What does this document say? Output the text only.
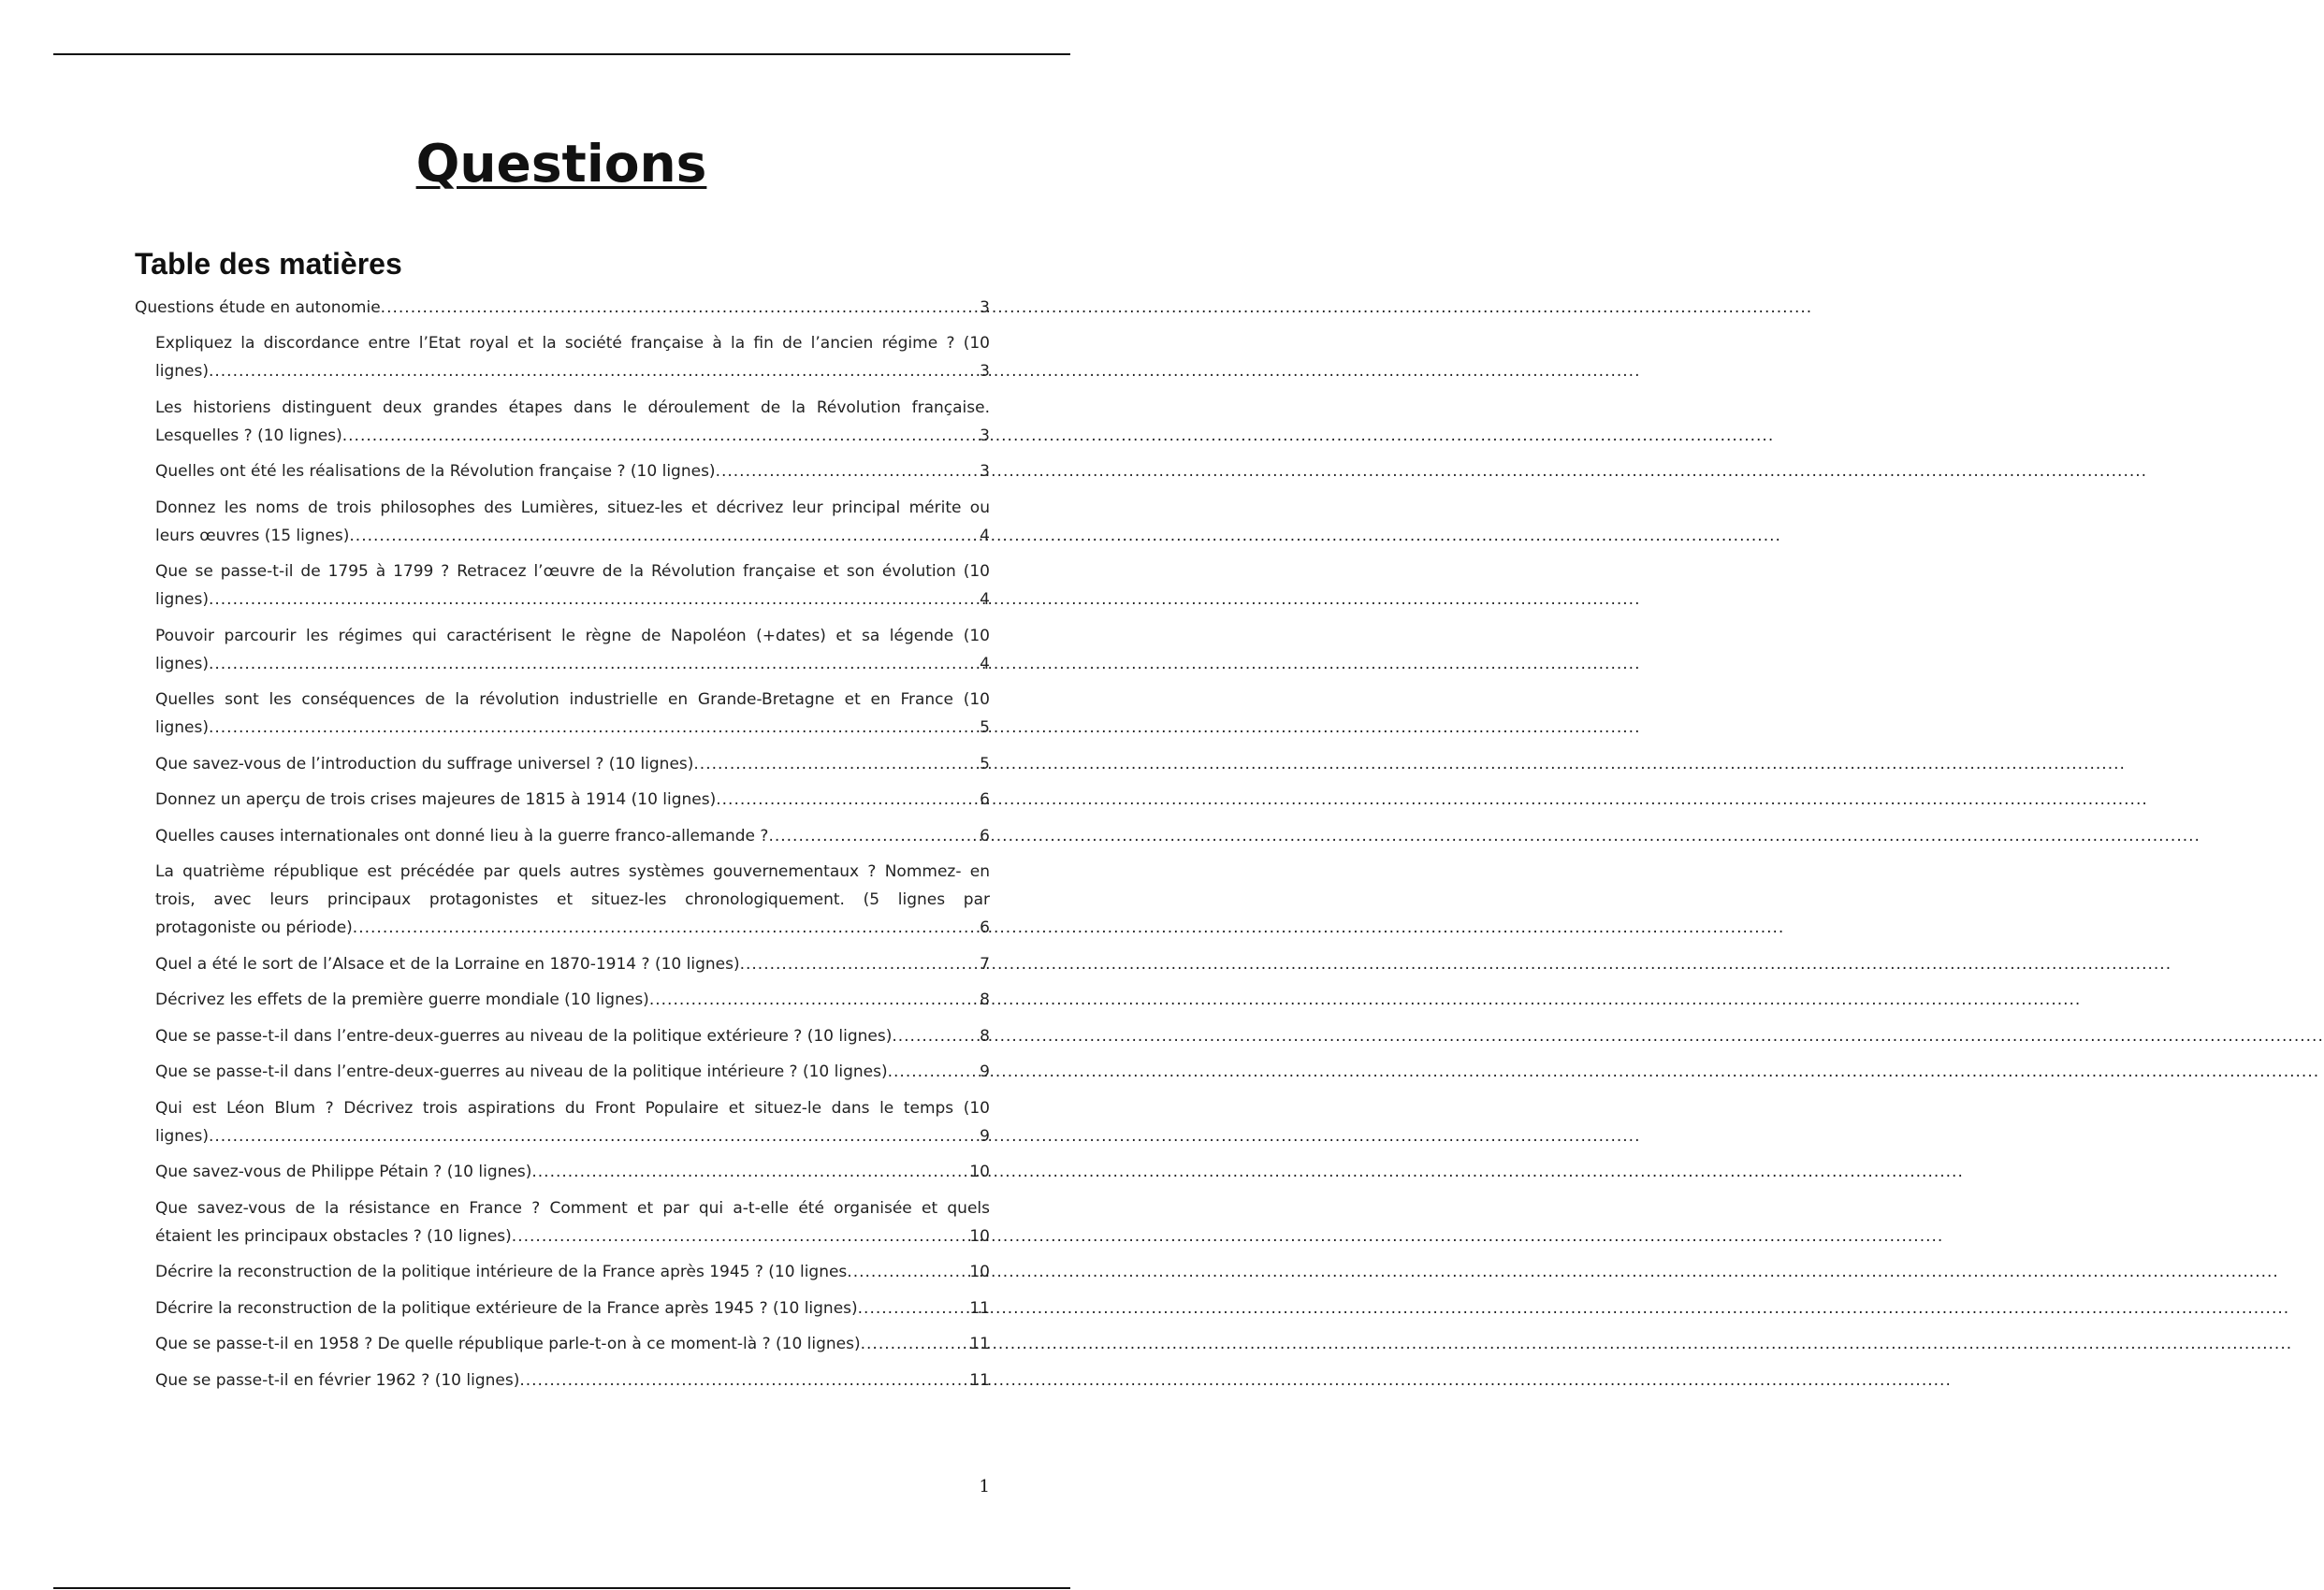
Questions
Table des matières
Questions étude en autonomie .....	3
Expliquez la discordance entre l’Etat royal et la société française à la fin de l’ancien régime ? (10
lignes) .....	3
Les historiens distinguent deux grandes étapes dans le déroulement de la Révolution française.
Lesquelles ? (10 lignes) .....	3
Quelles ont été les réalisations de la Révolution française ? (10 lignes) .....	3
Donnez les noms de trois philosophes des Lumières, situez-les et décrivez leur principal mérite ou
leurs œuvres (15 lignes) .....	4
Que se passe-t-il de 1795 à 1799 ? Retracez l’œuvre de la Révolution française et son évolution (10
lignes) .....	4
Pouvoir parcourir les régimes qui caractérisent le règne de Napoléon (+dates) et sa légende (10
lignes) .....	4
Quelles sont les conséquences de la révolution industrielle en Grande-Bretagne et en France (10
lignes) .....	5
Que savez-vous de l’introduction du suffrage universel ? (10 lignes) .....	5
Donnez un aperçu de trois crises majeures de 1815 à 1914 (10 lignes) .....	6
Quelles causes internationales ont donné lieu à la guerre franco-allemande ? .....	6
La quatrième république est précédée par quels autres systèmes gouvernementaux ? Nommez- en
trois, avec leurs principaux protagonistes et situez-les chronologiquement. (5 lignes par
protagoniste ou période) .....	6
Quel a été le sort de l’Alsace et de la Lorraine en 1870-1914 ? (10 lignes) .....	7
Décrivez les effets de la première guerre mondiale (10 lignes) .....	8
Que se passe-t-il dans l’entre-deux-guerres au niveau de la politique extérieure ? (10 lignes) .....	8
Que se passe-t-il dans l’entre-deux-guerres au niveau de la politique intérieure ? (10 lignes) .....	9
Qui est Léon Blum ? Décrivez trois aspirations du Front Populaire et situez-le dans le temps (10
lignes) .....	9
Que savez-vous de Philippe Pétain ? (10 lignes) .....	10
Que savez-vous de la résistance en France ? Comment et par qui a-t-elle été organisée et quels
étaient les principaux obstacles ? (10 lignes) .....	10
Décrire la reconstruction de la politique intérieure de la France après 1945 ? (10 lignes .....	10
Décrire la reconstruction de la politique extérieure de la France après 1945 ? (10 lignes) .....	11
Que se passe-t-il en 1958 ? De quelle république parle-t-on à ce moment-là ? (10 lignes) .....	11
Que se passe-t-il en février 1962 ? (10 lignes) .....	11
1
